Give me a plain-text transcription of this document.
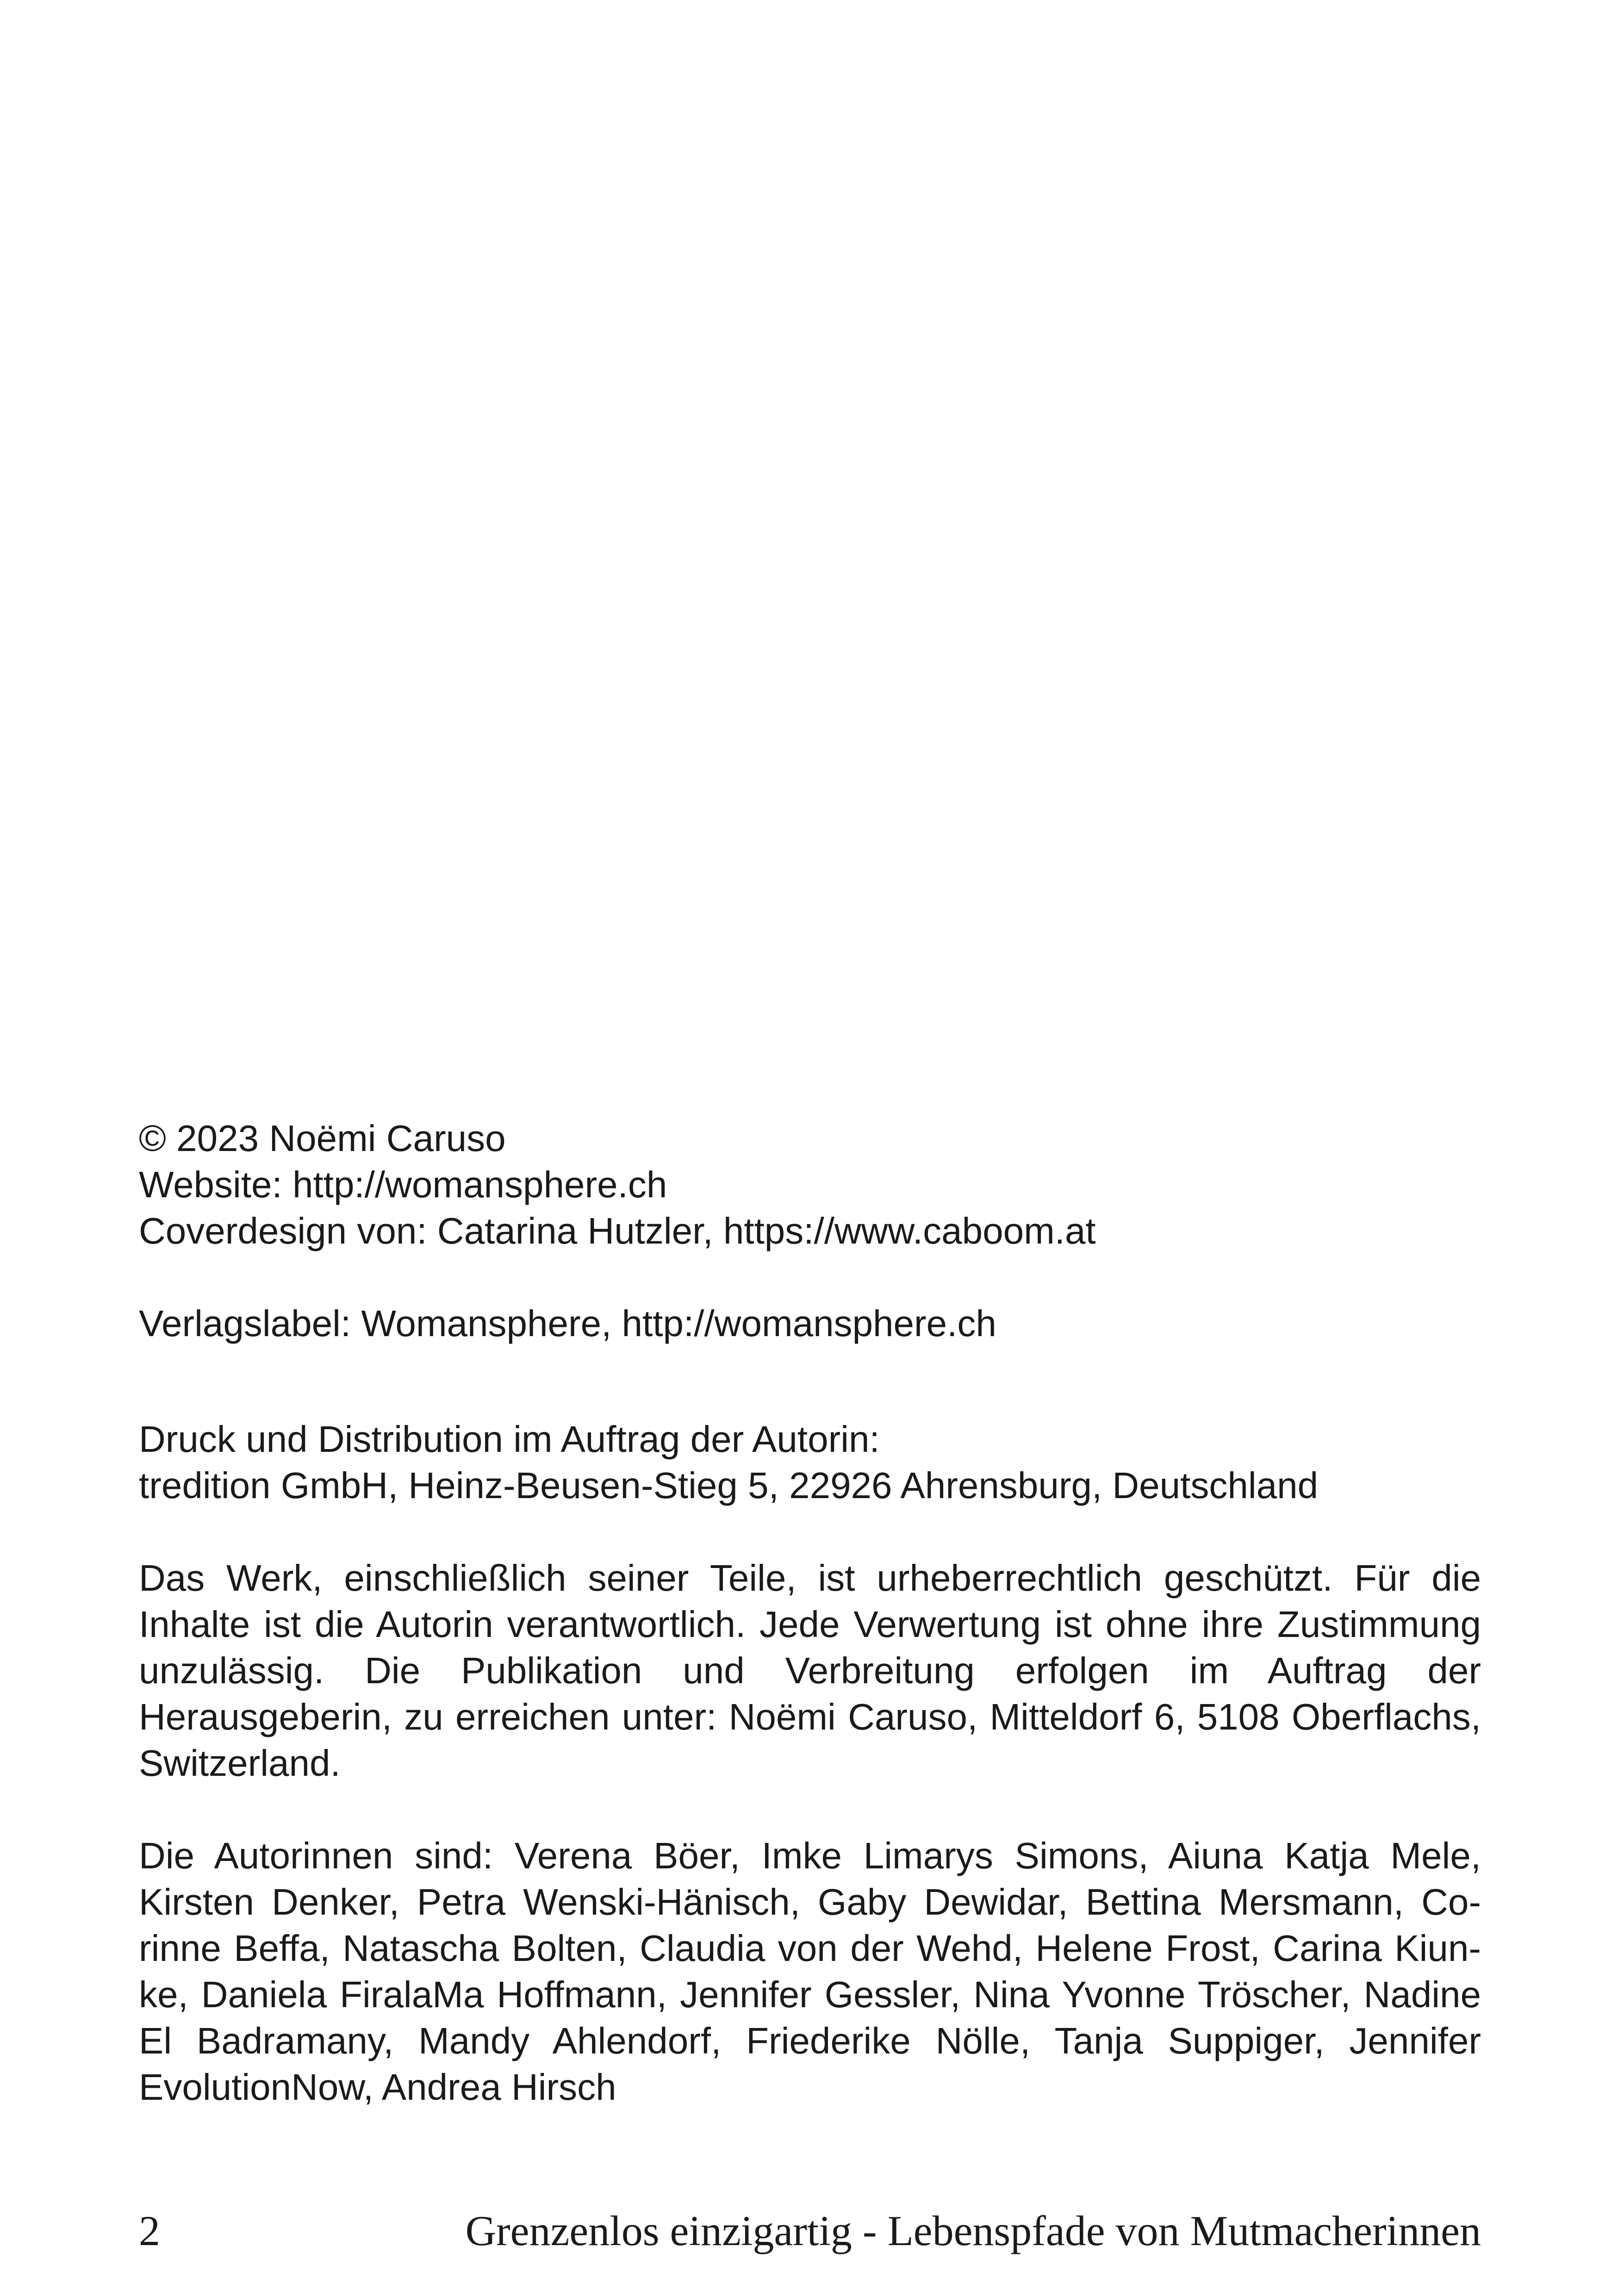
© 2023 Noëmi Caruso
Website: http://womansphere.ch
Coverdesign von: Catarina Hutzler, https://www.caboom.at
Verlagslabel: Womansphere, http://womansphere.ch
Druck und Distribution im Auftrag der Autorin:
tredition GmbH, Heinz-Beusen-Stieg 5, 22926 Ahrensburg, Deutschland

Das Werk, einschließlich seiner Teile, ist urheberrechtlich geschützt. Für die Inhalte ist die Autorin verantwortlich. Jede Verwertung ist ohne ihre Zustimmung unzulässig. Die Publikation und Verbreitung erfolgen im Auftrag der Herausgeberin, zu erreichen unter: Noëmi Caruso, Mitteldorf 6, 5108 Oberflachs, Switzerland.

Die Autorinnen sind: Verena Böer, Imke Limarys Simons, Aiuna Katja Mele, Kirsten Denker, Petra Wenski-Hänisch, Gaby Dewidar, Bettina Mersmann, Corinne Beffa, Natascha Bolten, Claudia von der Wehd, Helene Frost, Carina Kiunke, Daniela FiralaMa Hoffmann, Jennifer Gessler, Nina Yvonne Tröscher, Nadine El Badramany, Mandy Ahlendorf, Friederike Nölle, Tanja Suppiger, Jennifer EvolutionNow, Andrea Hirsch

2	Grenzenlos einzigartig - Lebenspfade von Mutmacherinnen
